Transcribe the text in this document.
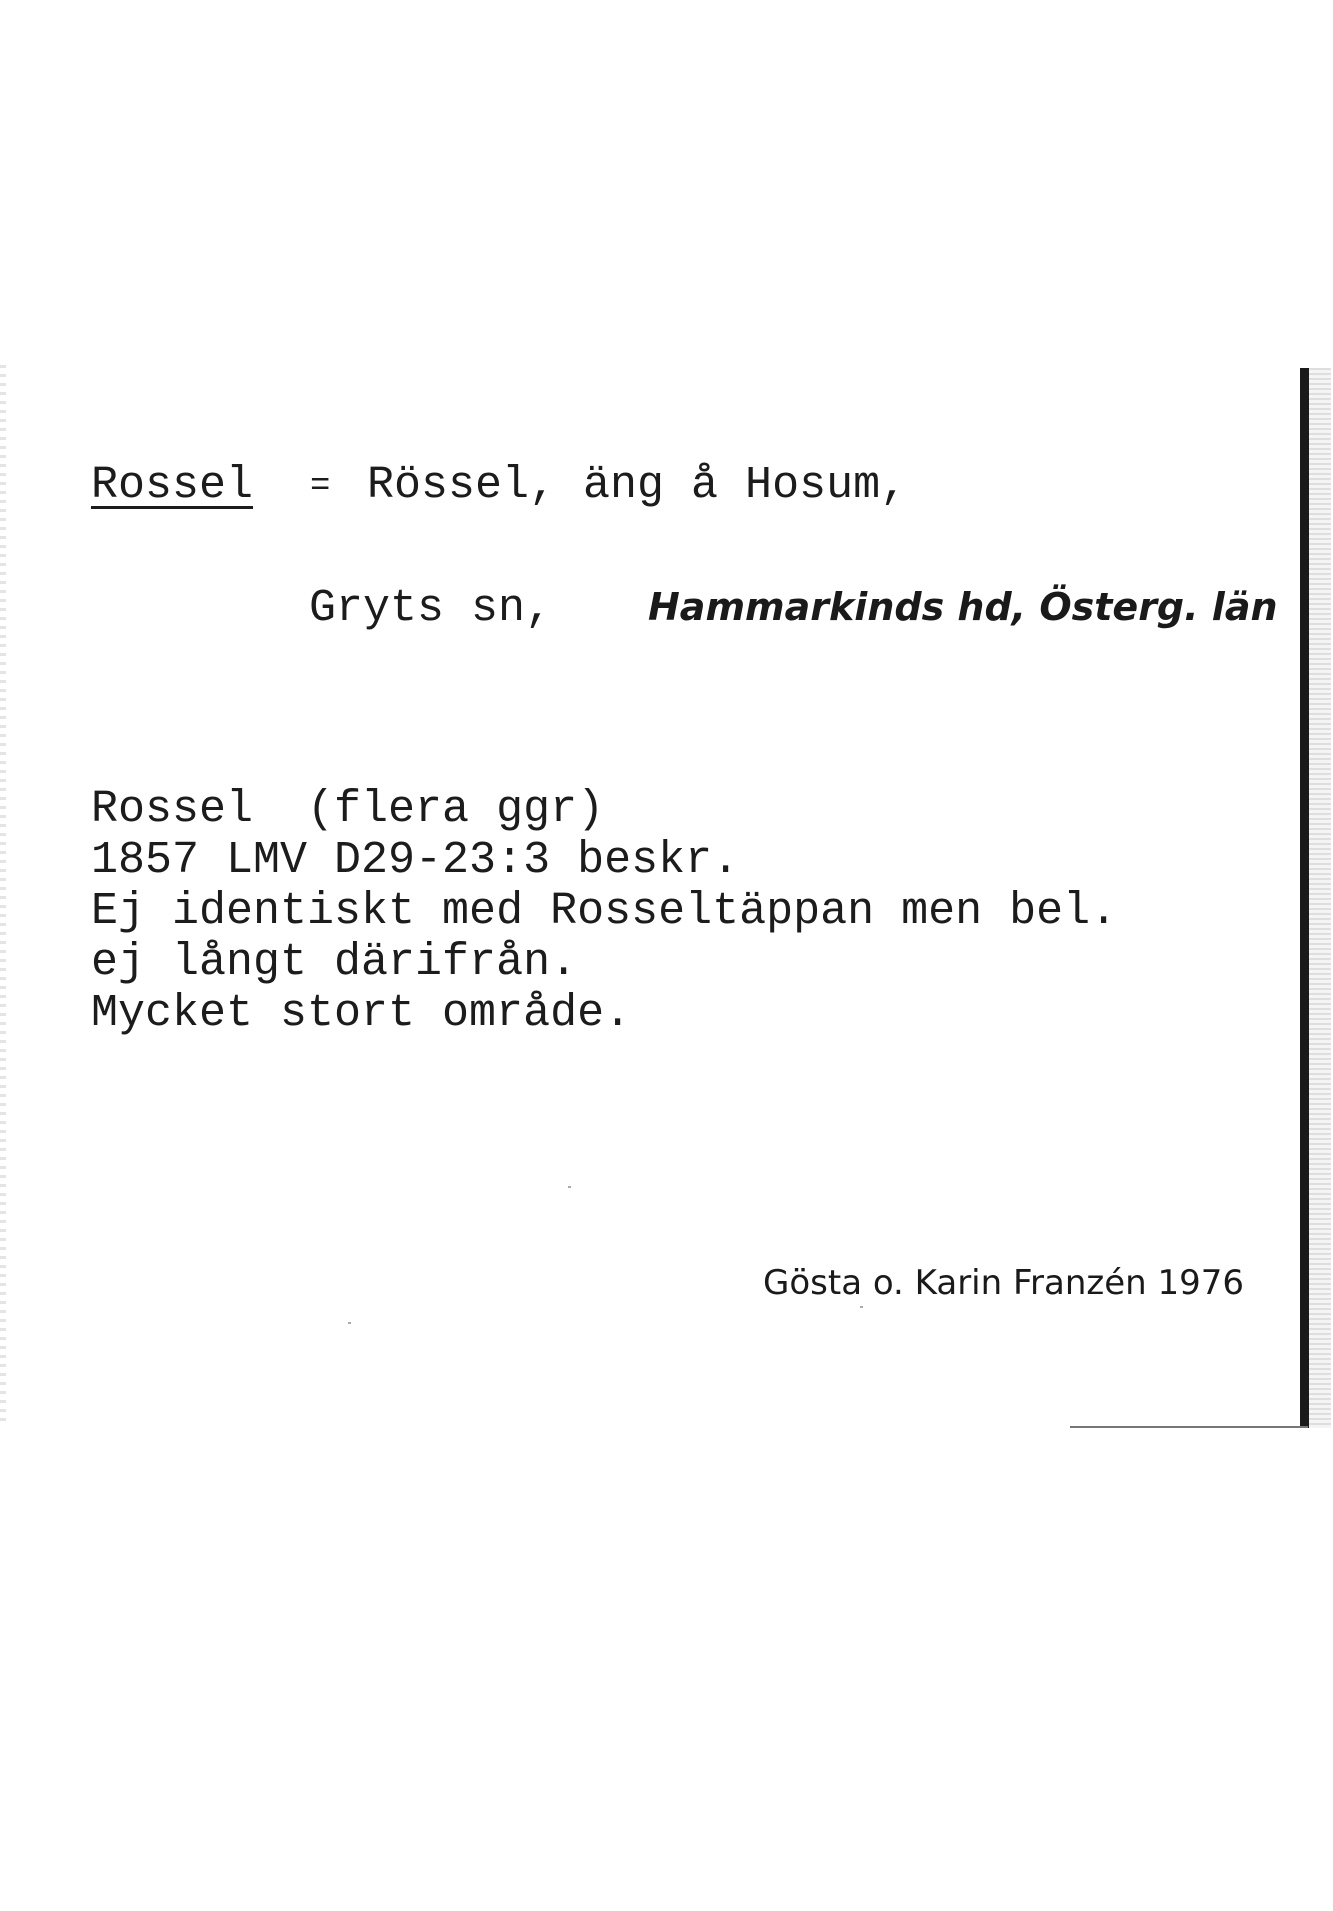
Rossel = Rössel, äng å Hosum,
Gryts sn,	Hammarkinds hd, Österg. län
Rossel  (flera ggr)
1857 LMV D29-23:3 beskr.
Ej identiskt med Rosseltäppan men bel.
ej långt därifrån.
Mycket stort område.
Gösta o. Karin Franzén 1976
